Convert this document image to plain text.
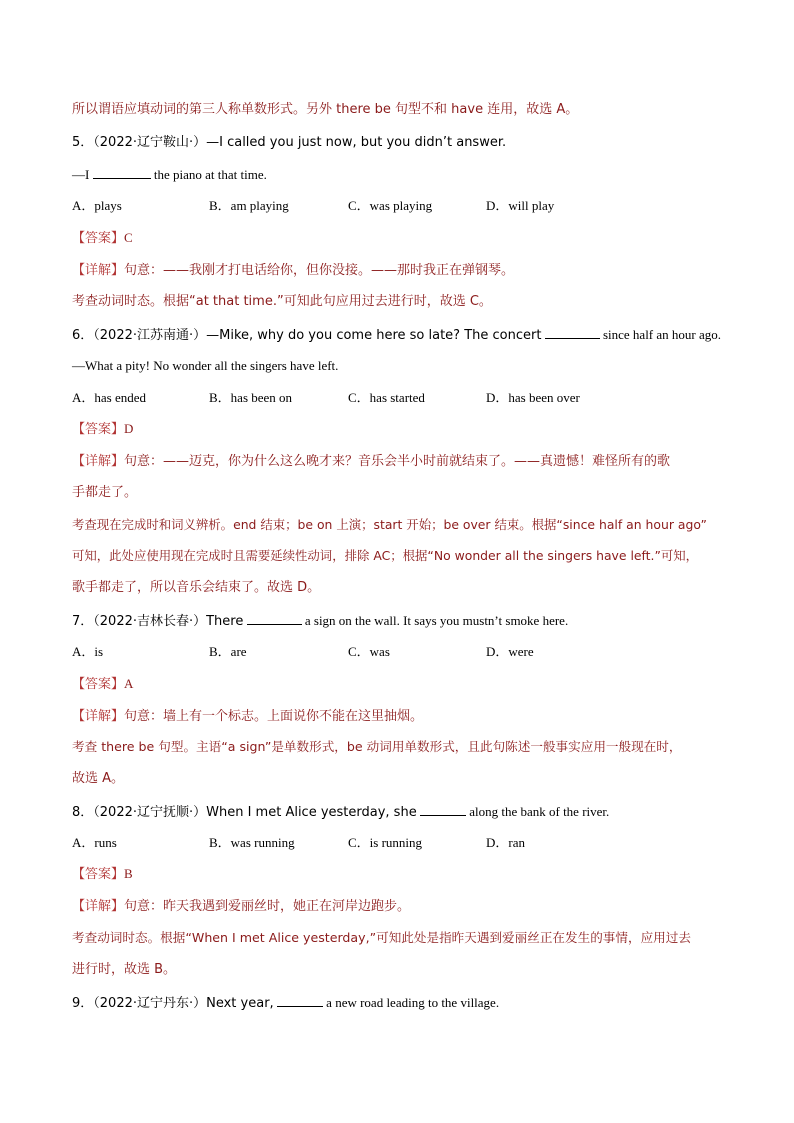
所以谓语应填动词的第三人称单数形式。另外 there be 句型不和 have 连用，故选 A。
5．（2022·辽宁鞍山·）—I called you just now, but you didn’t answer.
—I	the piano at that time.
A．plays	B．am playing	C．was playing	D．will play
【答案】C
【详解】句意：——我刚才打电话给你，但你没接。——那时我正在弹钢琴。
考查动词时态。根据“at that time.”可知此句应用过去进行时，故选 C。
6．（2022·江苏南通·）—Mike, why do you come here so late? The concert	since half an hour ago.
—What a pity! No wonder all the singers have left.
A．has ended	B．has been on	C．has started	D．has been over
【答案】D
【详解】句意：——迈克，你为什么这么晚才来？音乐会半小时前就结束了。——真遗憾！难怪所有的歌
手都走了。
考查现在完成时和词义辨析。end 结束；be on 上演；start 开始；be over 结束。根据“since half an hour ago”
可知，此处应使用现在完成时且需要延续性动词，排除 AC；根据“No wonder all the singers have left.”可知，
歌手都走了，所以音乐会结束了。故选 D。
7．（2022·吉林长春·）There	a sign on the wall. It says you mustn’t smoke here.
A．is	B．are	C．was	D．were
【答案】A
【详解】句意：墙上有一个标志。上面说你不能在这里抽烟。
考查 there be 句型。主语“a sign”是单数形式，be 动词用单数形式，且此句陈述一般事实应用一般现在时，
故选 A。
8．（2022·辽宁抚顺·）When I met Alice yesterday, she	along the bank of the river.
A．runs	B．was running	C．is running	D．ran
【答案】B
【详解】句意：昨天我遇到爱丽丝时，她正在河岸边跑步。
考查动词时态。根据“When I met Alice yesterday,”可知此处是指昨天遇到爱丽丝正在发生的事情，应用过去
进行时，故选 B。
9．（2022·辽宁丹东·）Next year,	a new road leading to the village.
